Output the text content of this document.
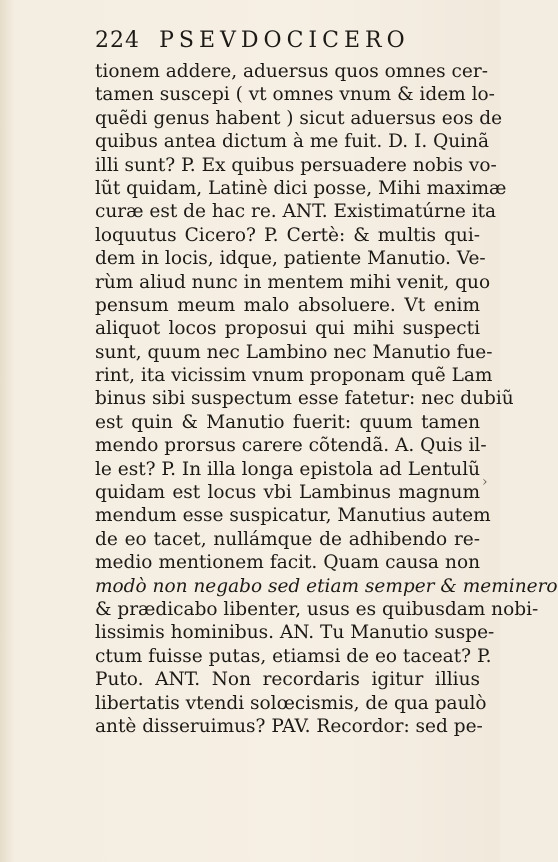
224 PSEVDOCICERO
tionem addere, aduersus quos omnes cer-
tamen suscepi ( vt omnes vnum & idem lo-
quẽdi genus habent ) sicut aduersus eos de
quibus antea dictum à me fuit. D. I. Quinã
illi sunt? P. Ex quibus persuadere nobis vo-
lũt quidam, Latinè dici posse, Mihi maximæ
curæ est de hac re. ANT. Existimatúrne ita
loquutus Cicero? P. Certè: & multis qui-
dem in locis, idque, patiente Manutio. Ve-
rùm aliud nunc in mentem mihi venit, quo
pensum meum malo absoluere. Vt enim
aliquot locos proposui qui mihi suspecti
sunt, quum nec Lambino nec Manutio fue-
rint, ita vicissim vnum proponam quẽ Lam
binus sibi suspectum esse fatetur: nec dubiũ
est quin & Manutio fuerit: quum tamen
mendo prorsus carere cõtendã. A. Quis il-
le est? P. In illa longa epistola ad Lentulũ
quidam est locus vbi Lambinus magnum
mendum esse suspicatur, Manutius autem
de eo tacet, nullámque de adhibendo re-
medio mentionem facit. Quam causa non
modò non negabo sed etiam semper & meminero
& prædicabo libenter, usus es quibusdam nobi-
lissimis hominibus. AN. Tu Manutio suspe-
ctum fuisse putas, etiamsi de eo taceat? P.
Puto. ANT. Non recordaris igitur illius
libertatis vtendi solœcismis, de qua paulò
antè disseruimus? PAV. Recordor: sed pe-
›
